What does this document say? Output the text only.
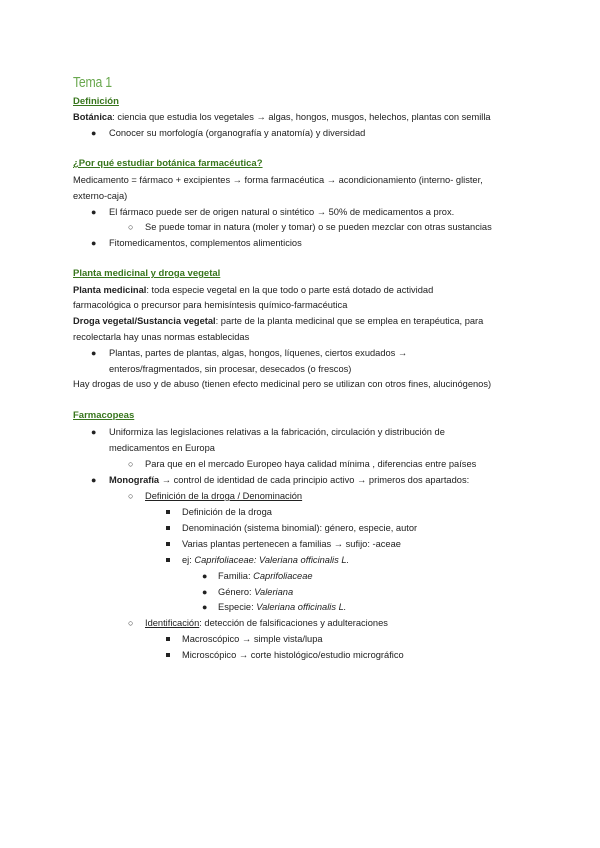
Tema 1
Definición
Botánica: ciencia que estudia los vegetales → algas, hongos, musgos, helechos, plantas con semilla
● Conocer su morfología (organografía y anatomía) y diversidad
¿Por qué estudiar botánica farmacéutica?
Medicamento = fármaco + excipientes → forma farmacéutica → acondicionamiento (interno- glister,
externo-caja)
● El fármaco puede ser de origen natural o sintético → 50% de medicamentos a prox.
○ Se puede tomar in natura (moler y tomar) o se pueden mezclar con otras sustancias
● Fitomedicamentos, complementos alimenticios
Planta medicinal y droga vegetal
Planta medicinal: toda especie vegetal en la que todo o parte está dotado de actividad
farmacológica o precursor para hemisíntesis químico-farmacéutica
Droga vegetal/Sustancia vegetal: parte de la planta medicinal que se emplea en terapéutica, para
recolectarla hay unas normas establecidas
● Plantas, partes de plantas, algas, hongos, líquenes, ciertos exudados →
enteros/fragmentados, sin procesar, desecados (o frescos)
Hay drogas de uso y de abuso (tienen efecto medicinal pero se utilizan con otros fines, alucinógenos)
Farmacopeas
● Uniformiza las legislaciones relativas a la fabricación, circulación y distribución de
medicamentos en Europa
○ Para que en el mercado Europeo haya calidad mínima , diferencias entre países
● Monografía → control de identidad de cada principio activo → primeros dos apartados:
○ Definición de la droga / Denominación
Definición de la droga
Denominación (sistema binomial): género, especie, autor
Varias plantas pertenecen a familias → sufijo: -aceae
ej: Caprifoliaceae: Valeriana officinalis L.
● Familia: Caprifoliaceae
● Género: Valeriana
● Especie: Valeriana officinalis L.
○ Identificación: detección de falsificaciones y adulteraciones
Macroscópico → simple vista/lupa
Microscópico → corte histológico/estudio micrográfico
